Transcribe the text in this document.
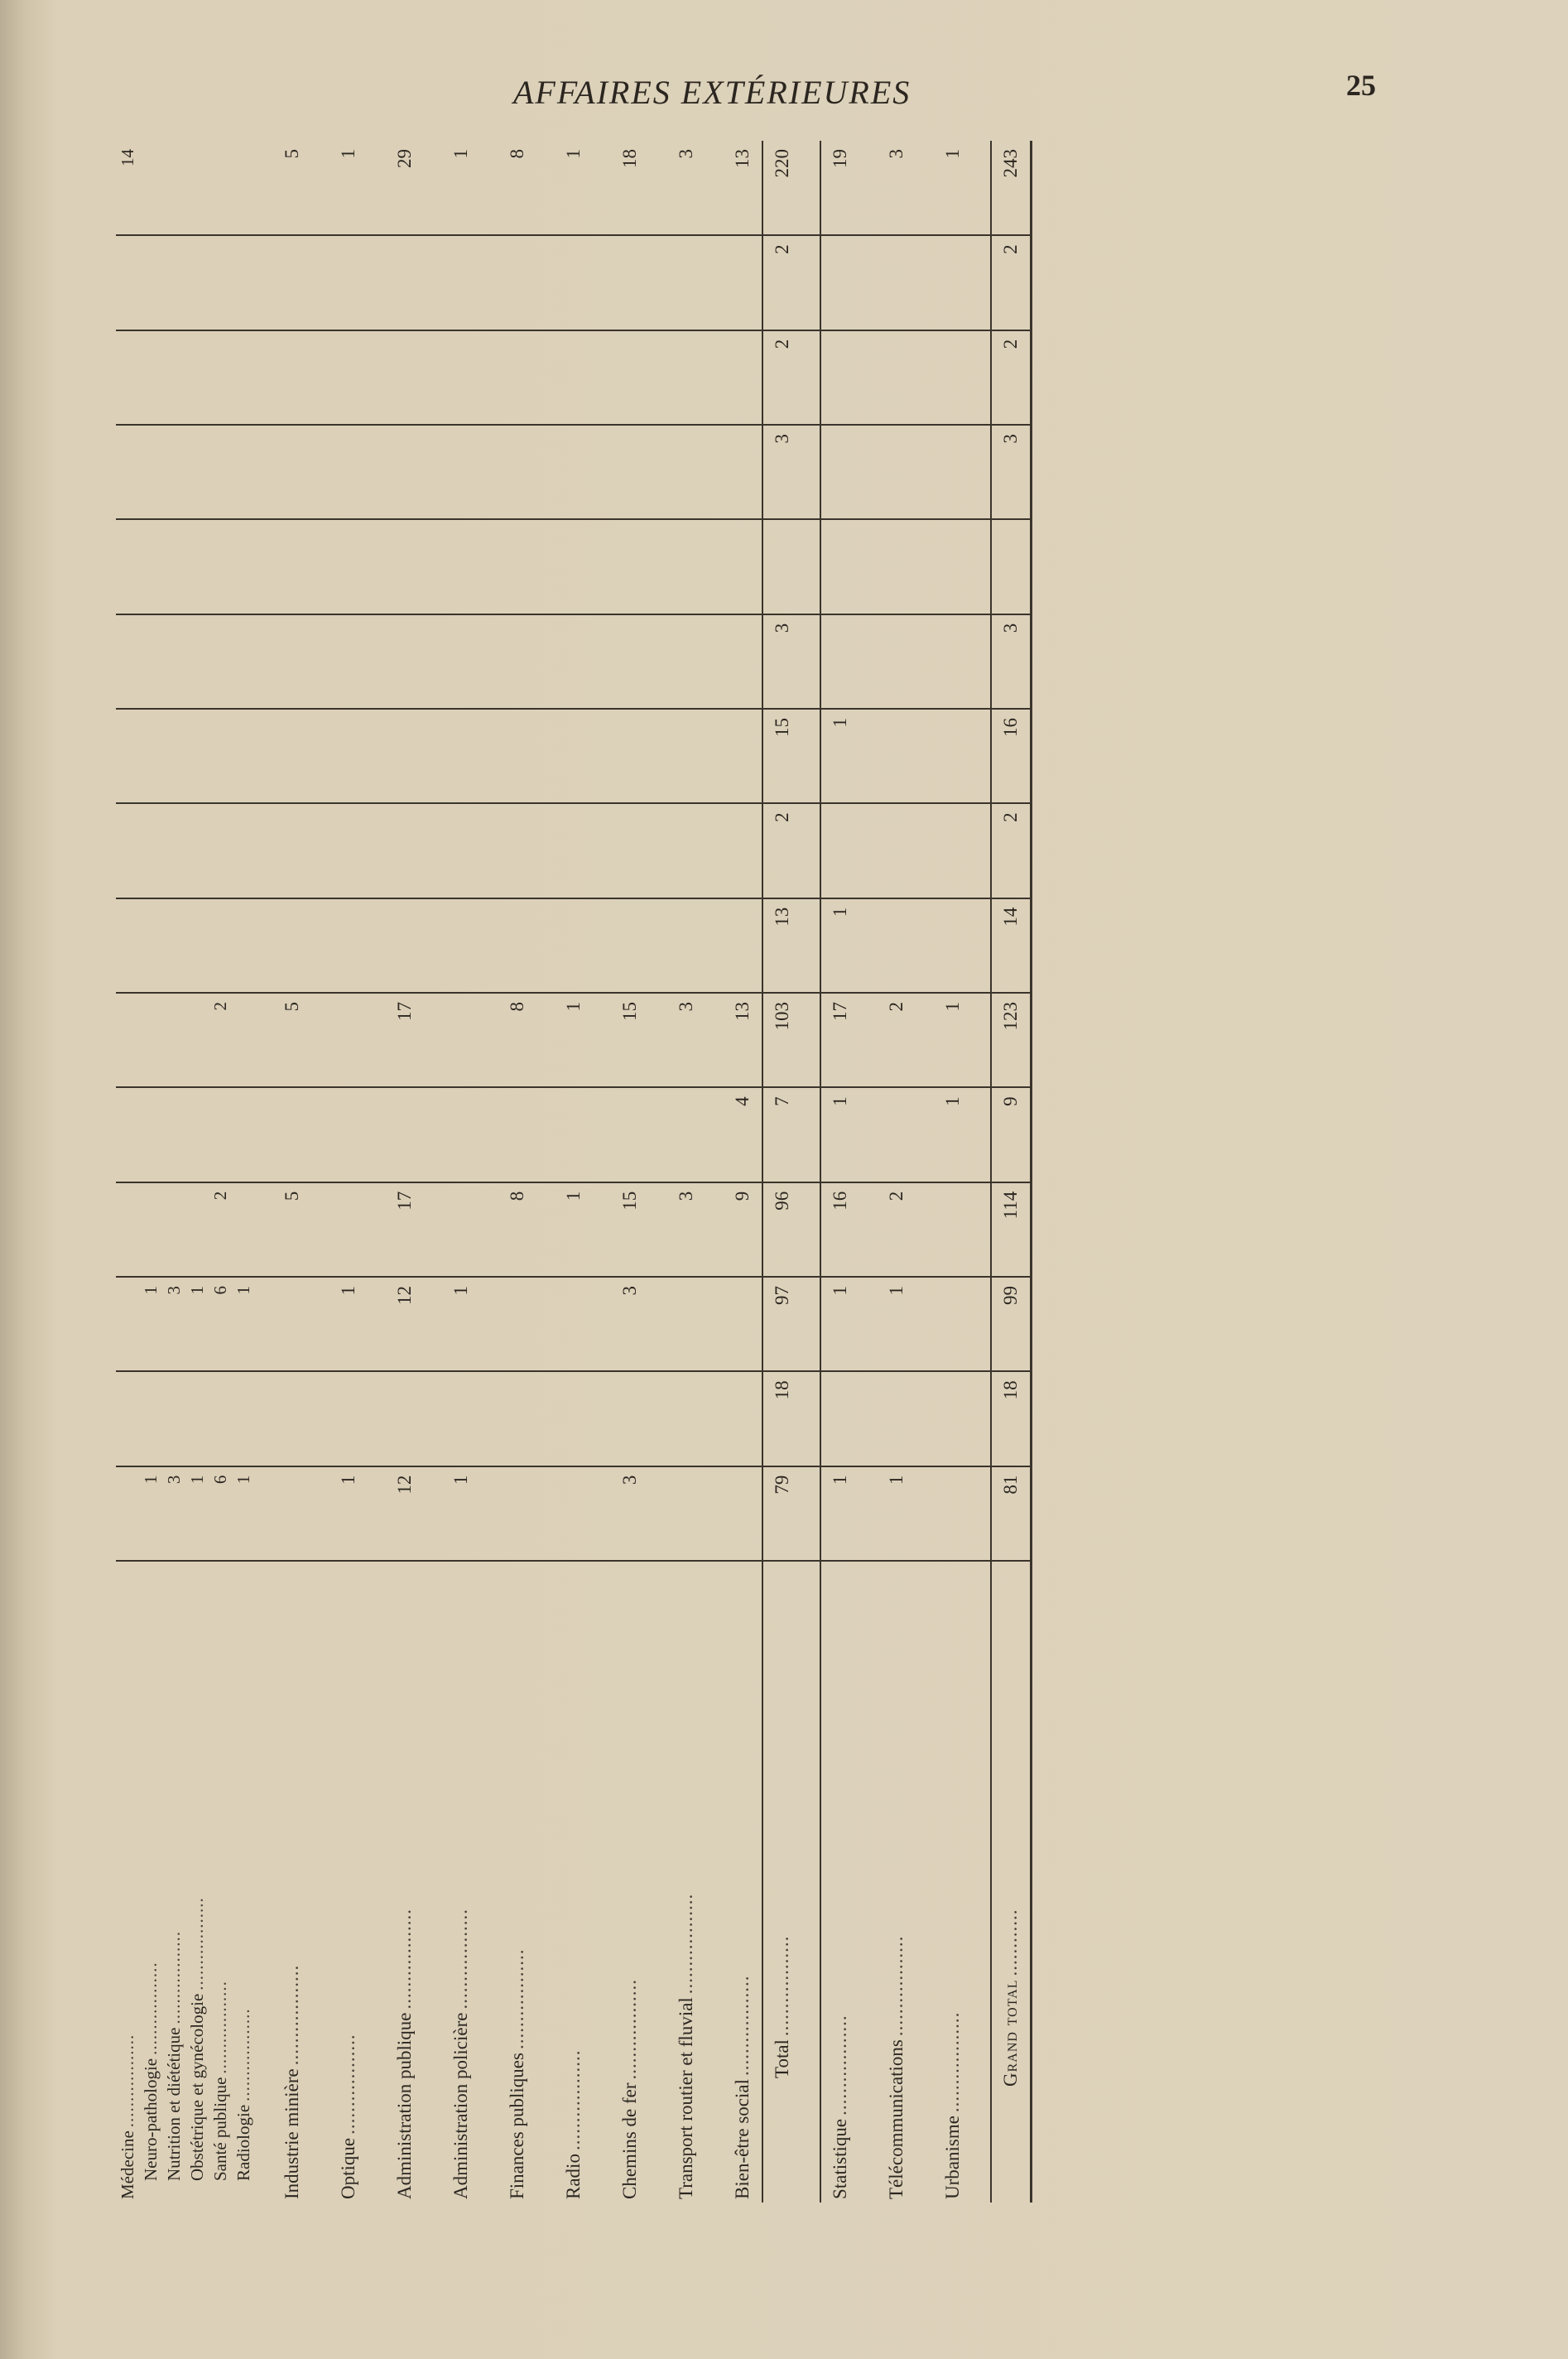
AFFAIRES EXTÉRIEURES	25
Médecine..................															14
Neuro-pathologie..................	1		1												
Nutrition et diététique..................	3		3												
Obstétrique et gynécologie..................	1		1												
Santé publique..................	6		6	2		2									
Radiologie..................	1		1												

Industrie minière..................				5		5									5

Optique..................	1		1												1

Administration publique..................	12		12	17		17									29

Administration policière..................	1		1												1

Finances publiques..................				8		8									8

Radio..................				1		1									1

Chemins de fer..................	3		3	15		15									18

Transport routier et fluvial..................				3		3									3

Bien-être social..................				9	4	13									13
Total..................	79	18	97	96	7	103	13	2	15	3		3	2	2	220

Statistique..................	1		1	16	1	17	1		1						19

Télécommunications..................	1		1	2		2									3

Urbanisme..................					1	1									1

Grand total............	81	18	99	114	9	123	14	2	16	3		3	2	2	243
